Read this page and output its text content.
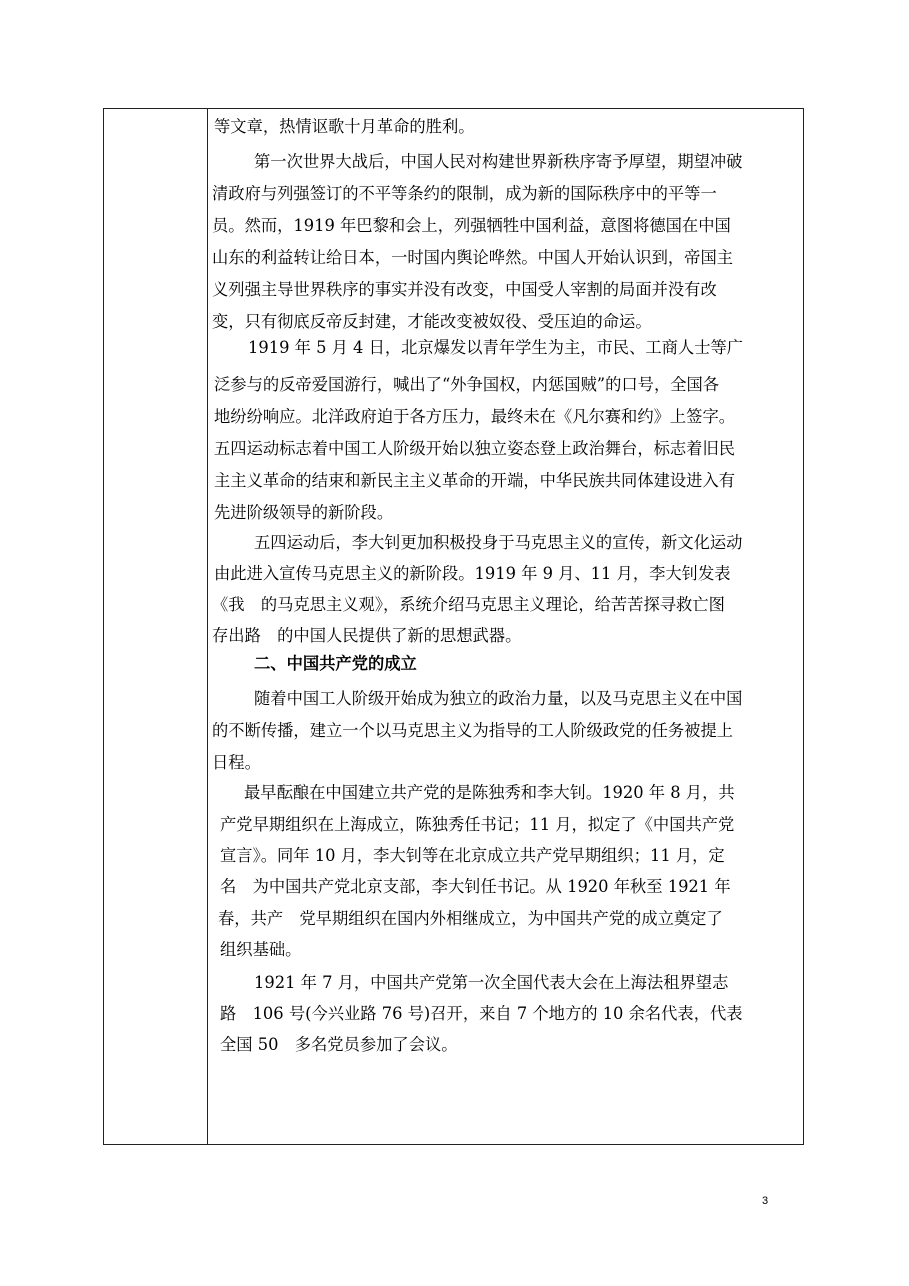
等文章，热情讴歌十月革命的胜利。
第一次世界大战后，中国人民对构建世界新秩序寄予厚望，期望冲破
清政府与列强签订的不平等条约的限制，成为新的国际秩序中的平等一
员。然而，1919 年巴黎和会上，列强牺牲中国利益，意图将德国在中国
山东的利益转让给日本，一时国内舆论哗然。中国人开始认识到，帝国主
义列强主导世界秩序的事实并没有改变，中国受人宰割的局面并没有改
变，只有彻底反帝反封建，才能改变被奴役、受压迫的命运。
1919 年 5 月 4 日，北京爆发以青年学生为主，市民、工商人士等广
泛参与的反帝爱国游行，喊出了“外争国权，内惩国贼”的口号，全国各
地纷纷响应。北洋政府迫于各方压力，最终未在《凡尔赛和约》上签字。
五四运动标志着中国工人阶级开始以独立姿态登上政治舞台，标志着旧民
主主义革命的结束和新民主主义革命的开端，中华民族共同体建设进入有
先进阶级领导的新阶段。
五四运动后，李大钊更加积极投身于马克思主义的宣传，新文化运动
由此进入宣传马克思主义的新阶段。1919 年 9 月、11 月，李大钊发表
《我　的马克思主义观》，系统介绍马克思主义理论，给苦苦探寻救亡图
存出路　的中国人民提供了新的思想武器。
二、中国共产党的成立
随着中国工人阶级开始成为独立的政治力量，以及马克思主义在中国
的不断传播，建立一个以马克思主义为指导的工人阶级政党的任务被提上
日程。
最早酝酿在中国建立共产党的是陈独秀和李大钊。1920 年 8 月，共
产党早期组织在上海成立，陈独秀任书记；11 月，拟定了《中国共产党
宣言》。同年 10 月，李大钊等在北京成立共产党早期组织；11 月，定
名　为中国共产党北京支部，李大钊任书记。从 1920 年秋至 1921 年
春，共产　党早期组织在国内外相继成立，为中国共产党的成立奠定了
组织基础。
1921 年 7 月，中国共产党第一次全国代表大会在上海法租界望志
路　106 号(今兴业路 76 号)召开，来自 7 个地方的 10 余名代表，代表
全国 50　多名党员参加了会议。
3
